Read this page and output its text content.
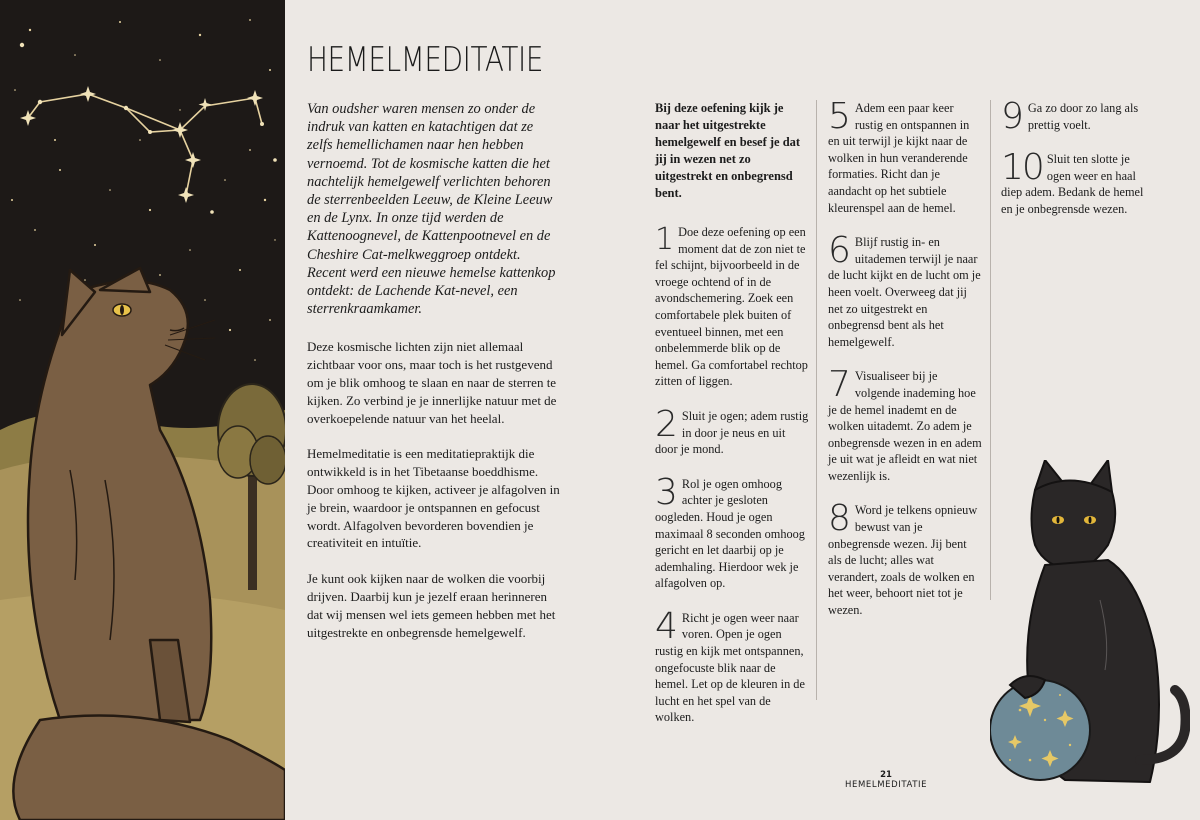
HEMELMEDITATIE

Van oudsher waren mensen zo onder de indruk van katten en katachtigen dat ze zelfs hemellichamen naar hen hebben vernoemd. Tot de kosmische katten die het nachtelijk hemelgewelf verlichten behoren de sterrenbeelden Leeuw, de Kleine Leeuw en de Lynx. In onze tijd werden de Kattenoognevel, de Kattenpootnevel en de Cheshire Cat-melkweggroep ontdekt. Recent werd een nieuwe hemelse kattenkop ontdekt: de Lachende Kat-nevel, een sterrenkraamkamer.

Deze kosmische lichten zijn niet allemaal zichtbaar voor ons, maar toch is het rustgevend om je blik omhoog te slaan en naar de sterren te kijken. Zo verbind je je innerlijke natuur met de overkoepelende natuur van het heelal.

Hemelmeditatie is een meditatiepraktijk die ontwikkeld is in het Tibetaanse boeddhisme. Door omhoog te kijken, activeer je alfagolven in je brein, waardoor je ontspannen en gefocust wordt. Alfagolven bevorderen bovendien je creativiteit en intuïtie.

Je kunt ook kijken naar de wolken die voorbij drijven. Daarbij kun je jezelf eraan herinneren dat wij mensen wel iets gemeen hebben met het uitgestrekte en onbegrensde hemelgewelf.

Bij deze oefening kijk je naar het uitgestrekte hemelgewelf en besef je dat jij in wezen net zo uitgestrekt en onbegrensd bent.

1 Doe deze oefening op een moment dat de zon niet te fel schijnt, bijvoorbeeld in de vroege ochtend of in de avondschemering. Zoek een comfortabele plek buiten of eventueel binnen, met een onbelemmerde blik op de hemel. Ga comfortabel rechtop zitten of liggen.
2 Sluit je ogen; adem rustig in door je neus en uit door je mond.
3 Rol je ogen omhoog achter je gesloten oogleden. Houd je ogen maximaal 8 seconden omhoog gericht en let daarbij op je ademhaling. Hierdoor wek je alfagolven op.
4 Richt je ogen weer naar voren. Open je ogen rustig en kijk met ontspannen, ongefocuste blik naar de hemel. Let op de kleuren in de lucht en het spel van de wolken.
5 Adem een paar keer rustig en ontspannen in en uit terwijl je kijkt naar de wolken in hun veranderende formaties. Richt dan je aandacht op het subtiele kleurenspel aan de hemel.
6 Blijf rustig in- en uitademen terwijl je naar de lucht kijkt en de lucht om je heen voelt. Overweeg dat jij net zo uitgestrekt en onbegrensd bent als het hemelgewelf.
7 Visualiseer bij je volgende inademing hoe je de hemel inademt en de wolken uitademt. Zo adem je onbegrensde wezen in en adem je uit wat je afleidt en wat niet wezenlijk is.
8 Word je telkens opnieuw bewust van je onbegrensde wezen. Jij bent als de lucht; alles wat verandert, zoals de wolken en het weer, behoort niet tot je wezen.
9 Ga zo door zo lang als prettig voelt.
10 Sluit ten slotte je ogen weer en haal diep adem. Bedank de hemel en je onbegrensde wezen.
21
HEMELMEDITATIE
